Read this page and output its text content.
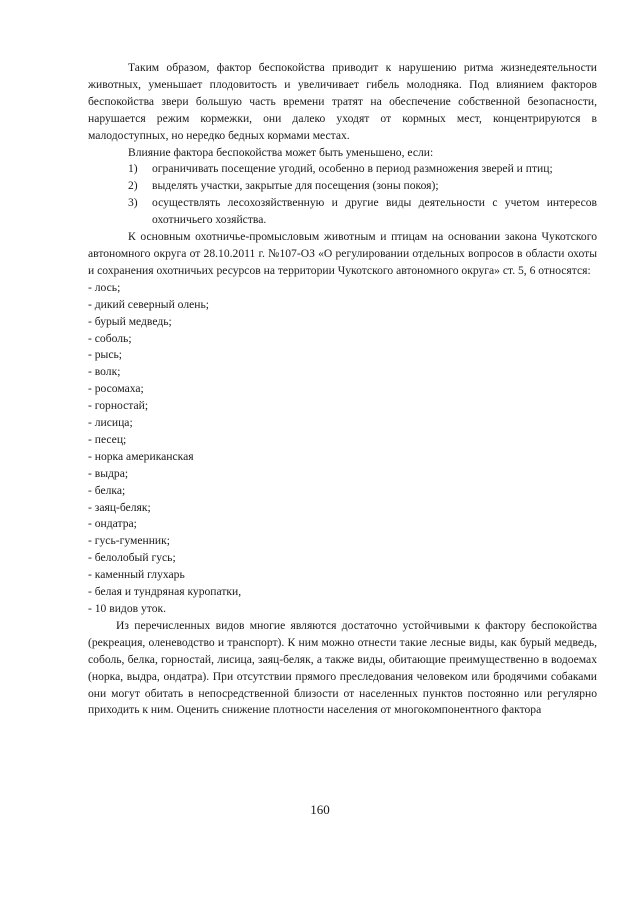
Таким образом, фактор беспокойства приводит к нарушению ритма жизнедеятельности животных, уменьшает плодовитость и увеличивает гибель молодняка. Под влиянием факторов беспокойства звери большую часть времени тратят на обеспечение собственной безопасности, нарушается режим кормежки, они далеко уходят от кормных мест, концентрируются в малодоступных, но нередко бедных кормами местах.

Влияние фактора беспокойства может быть уменьшено, если:

1) ограничивать посещение угодий, особенно в период размножения зверей и птиц;
2) выделять участки, закрытые для посещения (зоны покоя);
3) осуществлять лесохозяйственную и другие виды деятельности с учетом интересов охотничьего хозяйства.

К основным охотничье-промысловым животным и птицам на основании закона Чукотского автономного округа от 28.10.2011 г. №107-ОЗ «О регулировании отдельных вопросов в области охоты и сохранения охотничьих ресурсов на территории Чукотского автономного округа» ст. 5, 6 относятся:

- лось;
- дикий северный олень;
- бурый медведь;
- соболь;
- рысь;
- волк;
- росомаха;
- горностай;
- лисица;
- песец;
- норка американская
- выдра;
- белка;
- заяц-беляк;
- ондатра;
- гусь-гуменник;
- белолобый гусь;
- каменный глухарь
- белая и тундряная куропатки,
- 10 видов уток.

Из перечисленных видов многие являются достаточно устойчивыми к фактору беспокойства (рекреация, оленеводство и транспорт). К ним можно отнести такие лесные виды, как бурый медведь, соболь, белка, горностай, лисица, заяц-беляк, а также виды, обитающие преимущественно в водоемах (норка, выдра, ондатра). При отсутствии прямого преследования человеком или бродячими собаками они могут обитать в непосредственной близости от населенных пунктов постоянно или регулярно приходить к ним. Оценить снижение плотности населения от многокомпонентного фактора

160
